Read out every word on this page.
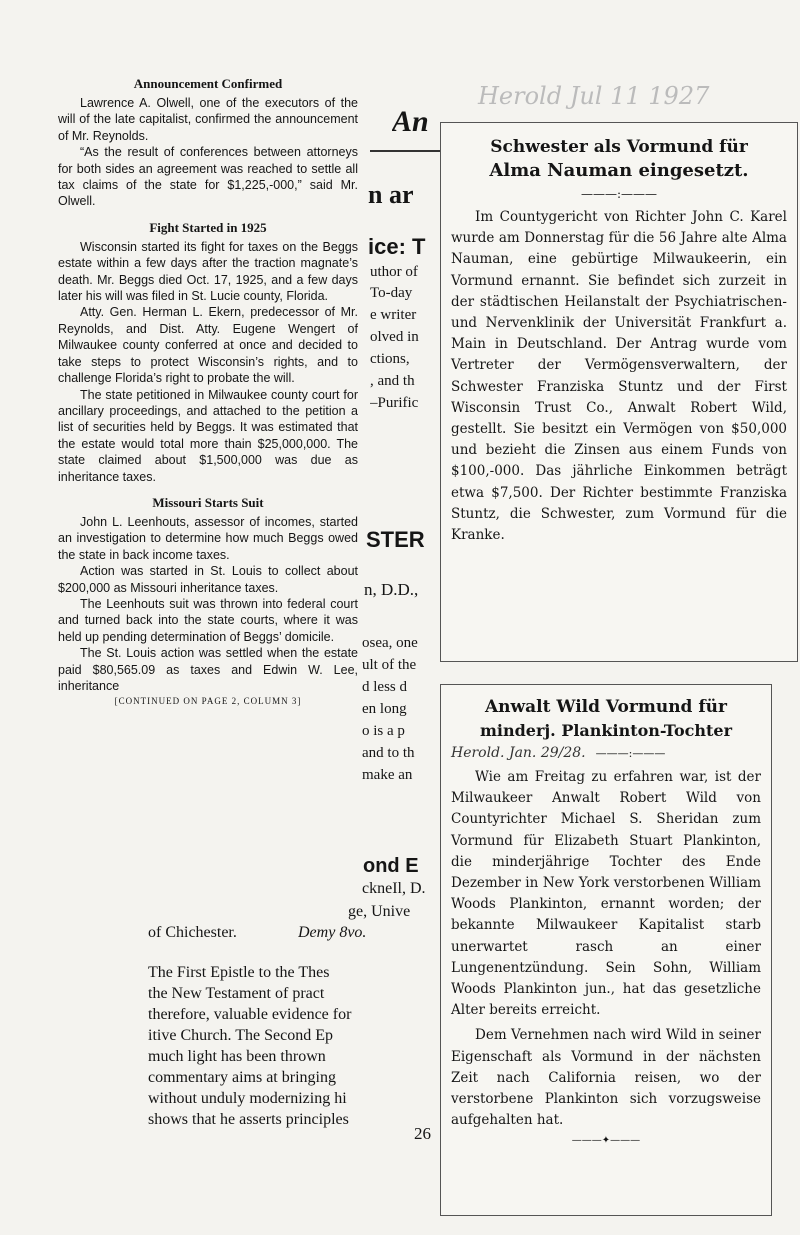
Announcement Confirmed

Lawrence A. Olwell, one of the executors of the will of the late capitalist, confirmed the announcement of Mr. Reynolds.

“As the result of conferences between attorneys for both sides an agreement was reached to settle all tax claims of the state for $1,225,-000,” said Mr. Olwell.

Fight Started in 1925

Wisconsin started its fight for taxes on the Beggs estate within a few days after the traction magnate’s death. Mr. Beggs died Oct. 17, 1925, and a few days later his will was filed in St. Lucie county, Florida.

Atty. Gen. Herman L. Ekern, predecessor of Mr. Reynolds, and Dist. Atty. Eugene Wengert of Milwaukee county conferred at once and decided to take steps to protect Wisconsin’s rights, and to challenge Florida’s right to probate the will.

The state petitioned in Milwaukee county court for ancillary proceedings, and attached to the petition a list of securities held by Beggs. It was estimated that the estate would total more thain $25,000,000. The state claimed about $1,500,000 was due as inheritance taxes.

Missouri Starts Suit

John L. Leenhouts, assessor of incomes, started an investigation to determine how much Beggs owed the state in back income taxes.

Action was started in St. Louis to collect about $200,000 as Missouri inheritance taxes.

The Leenhouts suit was thrown into federal court and turned back into the state courts, where it was held up pending determination of Beggs’ domicile.

The St. Louis action was settled when the estate paid $80,565.09 as taxes and Edwin W. Lee, inheritance

[CONTINUED ON PAGE 2, COLUMN 3]
An
n ar
ice: T
uthor of
To-day
e writer
olved in
ctions,
, and th
–Purific
STER
n, D.D.,
osea, one
ult of the
d less d
en long
o is a p
and to th
make an
ond E
ckneIl, D.
ge, Unive
of Chichester.	Demy 8vo.
The First Epistle to the Thes
the New Testament of pract
therefore, valuable evidence for
itive Church. The Second Ep
much light has been thrown
commentary aims at bringing
without unduly modernizing hi
shows that he asserts principles
26
Herold Jul 11 1927
Schwester als Vormund für
Alma Nauman eingesetzt.
———:———

Im Countygericht von Richter John C. Karel wurde am Donnerstag für die 56 Jahre alte Alma Nauman, eine gebürtige Milwaukeerin, ein Vormund ernannt. Sie befindet sich zurzeit in der städtischen Heilanstalt der Psychiatrischen- und Nervenklinik der Universität Frankfurt a. Main in Deutschland. Der Antrag wurde vom Vertreter der Vermögensverwaltern, der Schwester Franziska Stuntz und der First Wisconsin Trust Co., Anwalt Robert Wild, gestellt. Sie besitzt ein Vermögen von $50,000 und bezieht die Zinsen aus einem Funds von $100,-000. Das jährliche Einkommen beträgt etwa $7,500. Der Richter bestimmte Franziska Stuntz, die Schwester, zum Vormund für die Kranke.

Anwalt Wild Vormund für
minderj. Plankinton-Tochter
Herold. Jan. 29/28. ———:———

Wie am Freitag zu erfahren war, ist der Milwaukeer Anwalt Robert Wild von Countyrichter Michael S. Sheridan zum Vormund für Elizabeth Stuart Plankinton, die minderjährige Tochter des Ende Dezember in New York verstorbenen William Woods Plankinton, ernannt worden; der bekannte Milwaukeer Kapitalist starb unerwartet rasch an einer Lungenentzündung. Sein Sohn, William Woods Plankinton jun., hat das gesetzliche Alter bereits erreicht.

Dem Vernehmen nach wird Wild in seiner Eigenschaft als Vormund in der nächsten Zeit nach California reisen, wo der verstorbene Plankinton sich vorzugsweise aufgehalten hat.

———✦———
